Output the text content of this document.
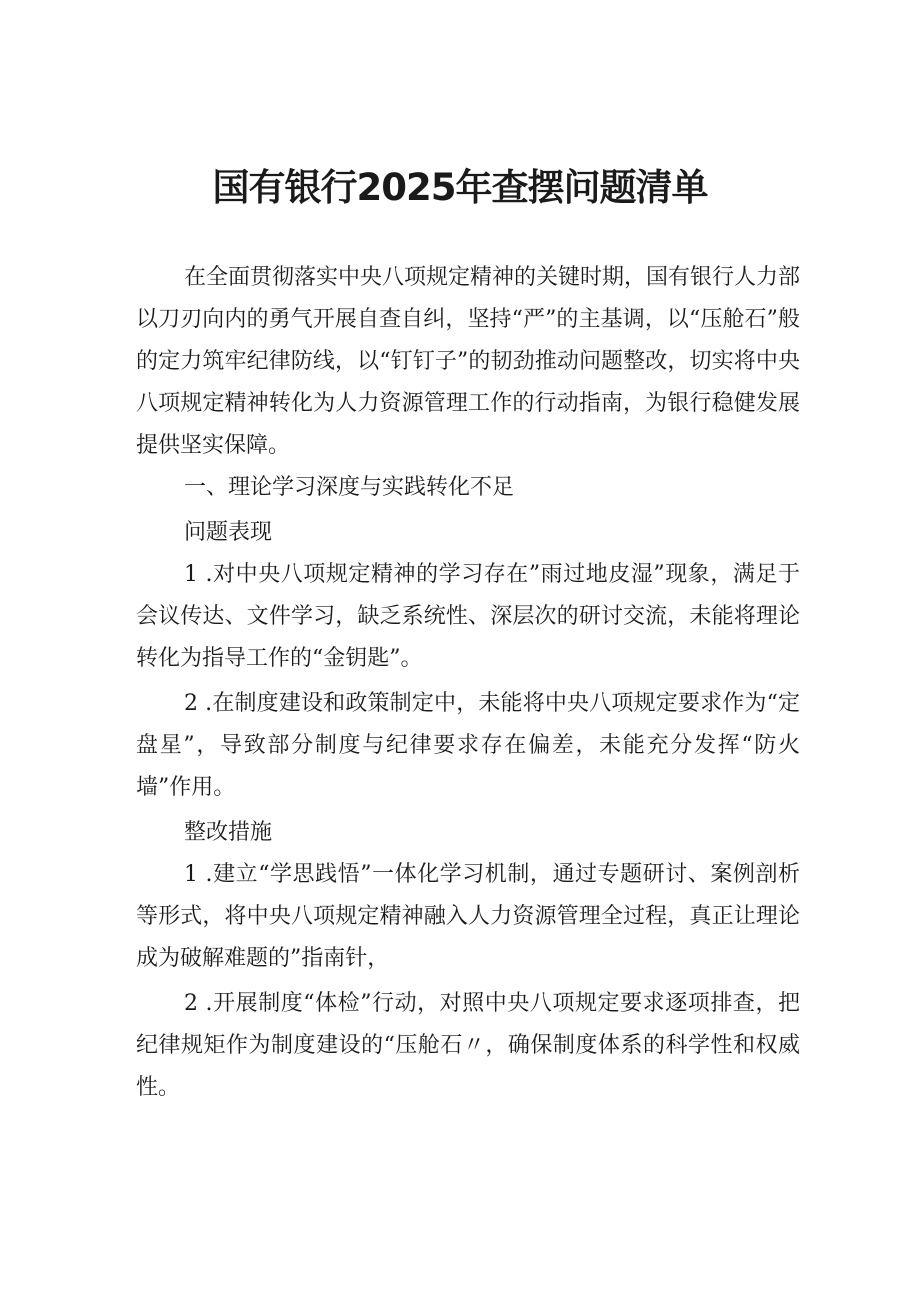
国有银行2025年查摆问题清单

在全面贯彻落实中央八项规定精神的关键时期，国有银行人力部以刀刃向内的勇气开展自查自纠，坚持“严”的主基调，以“压舱石”般的定力筑牢纪律防线，以“钉钉子”的韧劲推动问题整改，切实将中央八项规定精神转化为人力资源管理工作的行动指南，为银行稳健发展提供坚实保障。

一、理论学习深度与实践转化不足
问题表现

1 .对中央八项规定精神的学习存在”雨过地皮湿”现象，满足于会议传达、文件学习，缺乏系统性、深层次的研讨交流，未能将理论转化为指导工作的“金钥匙”。

2 .在制度建设和政策制定中，未能将中央八项规定要求作为“定盘星”，导致部分制度与纪律要求存在偏差，未能充分发挥“防火墙”作用。

整改措施

1 .建立“学思践悟”一体化学习机制，通过专题研讨、案例剖析等形式，将中央八项规定精神融入人力资源管理全过程，真正让理论成为破解难题的”指南针，

2 .开展制度“体检”行动，对照中央八项规定要求逐项排查，把纪律规矩作为制度建设的“压舱石〃，确保制度体系的科学性和权威性。
